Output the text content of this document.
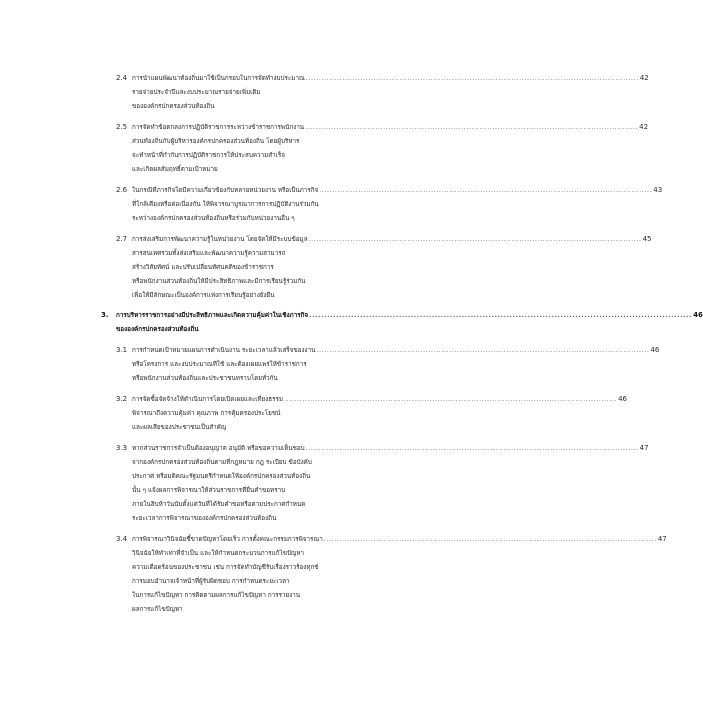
2.4 การนำแผนพัฒนาท้องถิ่นมาใช้เป็นกรอบในการจัดทำงบประมาณ ................................................................................................................................ 42
รายจ่ายประจำปีและงบประมาณรายจ่ายเพิ่มเติม
ขององค์กรปกครองส่วนท้องถิ่น
2.5 การจัดทำข้อตกลงการปฏิบัติราชการระหว่างข้าราชการพนักงาน ................................................................................................................................ 42
ส่วนท้องถิ่นกับผู้บริหารองค์กรปกครองส่วนท้องถิ่น โดยผู้บริหาร
จะทำหน้าที่กำกับการปฏิบัติราชการให้ประสบความสำเร็จ
และเกิดผลสัมฤทธิ์ตามเป้าหมาย
2.6 ในกรณีที่ภารกิจใดมีความเกี่ยวข้องกับหลายหน่วยงาน หรือเป็นภารกิจ ................................................................................................................................ 43
ที่ใกล้เคียงหรือต่อเนื่องกัน ให้พิจารณาบูรณาการการปฏิบัติงานร่วมกัน
ระหว่างองค์กรปกครองส่วนท้องถิ่นหรือร่วมกับหน่วยงานอื่น ๆ
2.7 การส่งเสริมการพัฒนาความรู้ในหน่วยงาน โดยจัดให้มีระบบข้อมูล ................................................................................................................................ 45
สารสนเทศรวมทั้งส่งเสริมและพัฒนาความรู้ความสามารถ
สร้างวิสัยทัศน์ และปรับเปลี่ยนทัศนคติของข้าราชการ
หรือพนักงานส่วนท้องถิ่นให้มีประสิทธิภาพและมีการเรียนรู้ร่วมกัน
เพื่อให้มีลักษณะเป็นองค์การแห่งการเรียนรู้อย่างยั่งยืน
3. การบริหารราชการอย่างมีประสิทธิภาพและเกิดความคุ้มค่าในเชิงภารกิจ ................................................................................................................................ 46
ขององค์กรปกครองส่วนท้องถิ่น
3.1 การกำหนดเป้าหมายแผนการดำเนินงาน ระยะเวลาแล้วเสร็จของงาน ................................................................................................................................ 46
หรือโครงการ และงบประมาณที่ใช้ และต้องเผยแพร่ให้ข้าราชการ
หรือพนักงานส่วนท้องถิ่นและประชาชนทราบโดยทั่วกัน
3.2 การจัดซื้อจัดจ้างให้ดำเนินการโดยเปิดเผยและเที่ยงธรรม ................................................................................................................................ 46
พิจารณาถึงความคุ้มค่า คุณภาพ การคุ้มครองประโยชน์
และผลเสียของประชาชนเป็นสำคัญ
3.3 หากส่วนราชการจำเป็นต้องอนุญาต อนุมัติ หรือขอความเห็นชอบ ................................................................................................................................ 47
จากองค์กรปกครองส่วนท้องถิ่นตามที่กฎหมาย กฎ ระเบียบ ข้อบังคับ
ประกาศ หรือมติคณะรัฐมนตรีกำหนดให้องค์กรปกครองส่วนท้องถิ่น
นั้น ๆ แจ้งผลการพิจารณาให้ส่วนราชการที่ยื่นคำขอทราบ
ภายในสิบห้าวันนับตั้งแต่วันที่ได้รับคำขอหรือตามประกาศกำหนด
ระยะเวลาการพิจารณาขององค์กรปกครองส่วนท้องถิ่น
3.4 การพิจารณาวินิจฉัยชี้ขาดปัญหาโดยเร็ว การตั้งคณะกรรมการพิจารณา ................................................................................................................................ 47
วินิจฉัยให้ทำเท่าที่จำเป็น และให้กำหนดกระบวนการแก้ไขปัญหา
ความเดือดร้อนของประชาชน เช่น การจัดทำบัญชีรับเรื่องราวร้องทุกข์
การมอบอำนาจเจ้าหน้าที่ผู้รับผิดชอบ การกำหนดระยะเวลา
ในการแก้ไขปัญหา การติดตามผลการแก้ไขปัญหา การรายงาน
ผลการแก้ไขปัญหา
